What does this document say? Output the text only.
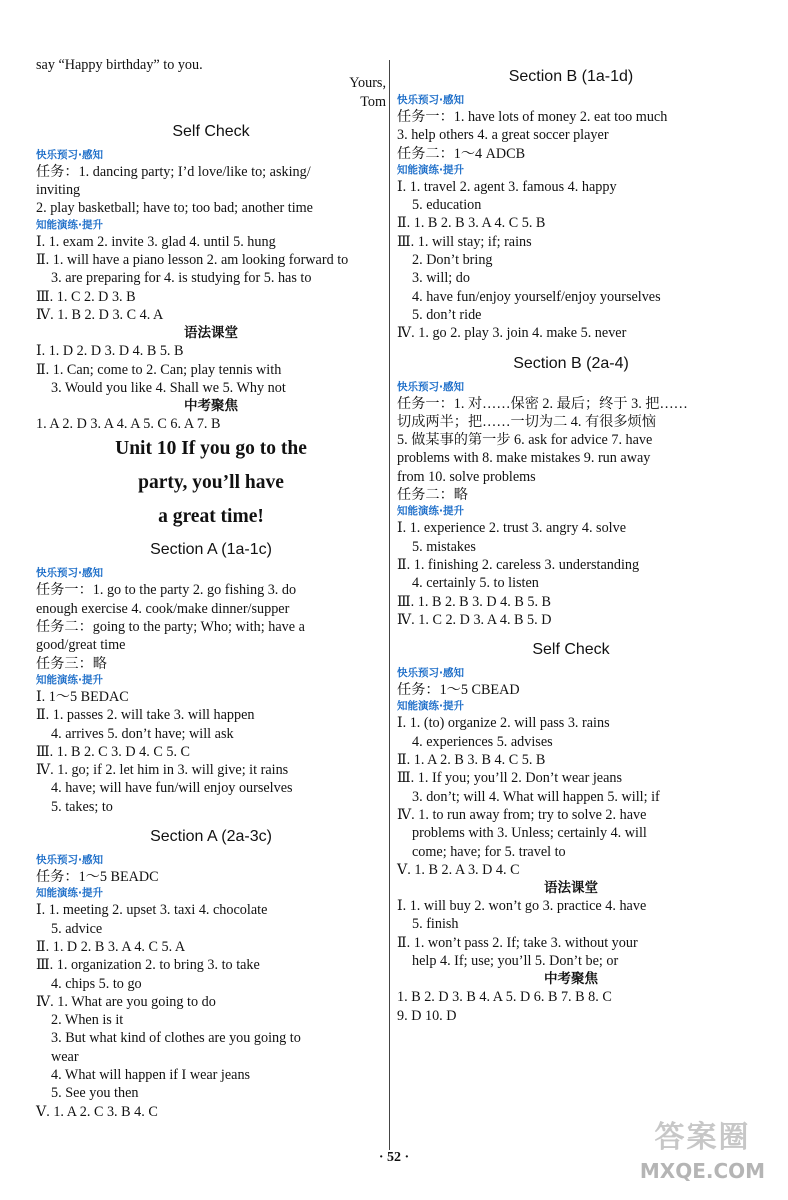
say “Happy birthday” to you.
Yours,
Tom
Self Check
快乐预习·感知
任务：1. dancing party; I’d love/like to; asking/
inviting
2. play basketball; have to; too bad; another time
知能演练·提升
Ⅰ. 1. exam 2. invite 3. glad 4. until 5. hung
Ⅱ. 1. will have a piano lesson 2. am looking forward to
3. are preparing for 4. is studying for 5. has to
Ⅲ. 1. C 2. D 3. B
Ⅳ. 1. B 2. D 3. C 4. A
语法课堂
Ⅰ. 1. D 2. D 3. D 4. B 5. B
Ⅱ. 1. Can; come to 2. Can; play tennis with
3. Would you like 4. Shall we 5. Why not
中考聚焦
1. A 2. D 3. A 4. A 5. C 6. A 7. B
Unit 10 If you go to the
party, you’ll have
a great time!
Section A (1a-1c)
快乐预习·感知
任务一：1. go to the party 2. go fishing 3. do
enough exercise 4. cook/make dinner/supper
任务二：going to the party; Who; with; have a
good/great time
任务三：略
知能演练·提升
Ⅰ. 1～5 BEDAC
Ⅱ. 1. passes 2. will take 3. will happen
4. arrives 5. don’t have; will ask
Ⅲ. 1. B 2. C 3. D 4. C 5. C
Ⅳ. 1. go; if 2. let him in 3. will give; it rains
4. have; will have fun/will enjoy ourselves
5. takes; to
Section A (2a-3c)
快乐预习·感知
任务：1～5 BEADC
知能演练·提升
Ⅰ. 1. meeting 2. upset 3. taxi 4. chocolate
5. advice
Ⅱ. 1. D 2. B 3. A 4. C 5. A
Ⅲ. 1. organization 2. to bring 3. to take
4. chips 5. to go
Ⅳ. 1. What are you going to do
2. When is it
3. But what kind of clothes are you going to
wear
4. What will happen if I wear jeans
5. See you then
Ⅴ. 1. A 2. C 3. B 4. C
Section B (1a-1d)
快乐预习·感知
任务一：1. have lots of money 2. eat too much
3. help others 4. a great soccer player
任务二：1～4 ADCB
知能演练·提升
Ⅰ. 1. travel 2. agent 3. famous 4. happy
5. education
Ⅱ. 1. B 2. B 3. A 4. C 5. B
Ⅲ. 1. will stay; if; rains
2. Don’t bring
3. will; do
4. have fun/enjoy yourself/enjoy yourselves
5. don’t ride
Ⅳ. 1. go 2. play 3. join 4. make 5. never
Section B (2a-4)
快乐预习·感知
任务一：1. 对……保密 2. 最后；终于 3. 把……
切成两半；把……一切为二 4. 有很多烦恼
5. 做某事的第一步 6. ask for advice 7. have
problems with 8. make mistakes 9. run away
from 10. solve problems
任务二：略
知能演练·提升
Ⅰ. 1. experience 2. trust 3. angry 4. solve
5. mistakes
Ⅱ. 1. finishing 2. careless 3. understanding
4. certainly 5. to listen
Ⅲ. 1. B 2. B 3. D 4. B 5. B
Ⅳ. 1. C 2. D 3. A 4. B 5. D
Self Check
快乐预习·感知
任务：1～5 CBEAD
知能演练·提升
Ⅰ. 1. (to) organize 2. will pass 3. rains
4. experiences 5. advises
Ⅱ. 1. A 2. B 3. B 4. C 5. B
Ⅲ. 1. If you; you’ll 2. Don’t wear jeans
3. don’t; will 4. What will happen 5. will; if
Ⅳ. 1. to run away from; try to solve 2. have
problems with 3. Unless; certainly 4. will
come; have; for 5. travel to
Ⅴ. 1. B 2. A 3. D 4. C
语法课堂
Ⅰ. 1. will buy 2. won’t go 3. practice 4. have
5. finish
Ⅱ. 1. won’t pass 2. If; take 3. without your
help 4. If; use; you’ll 5. Don’t be; or
中考聚焦
1. B 2. D 3. B 4. A 5. D 6. B 7. B 8. C
9. D 10. D
· 52 ·
答案圈
MXQE.COM
